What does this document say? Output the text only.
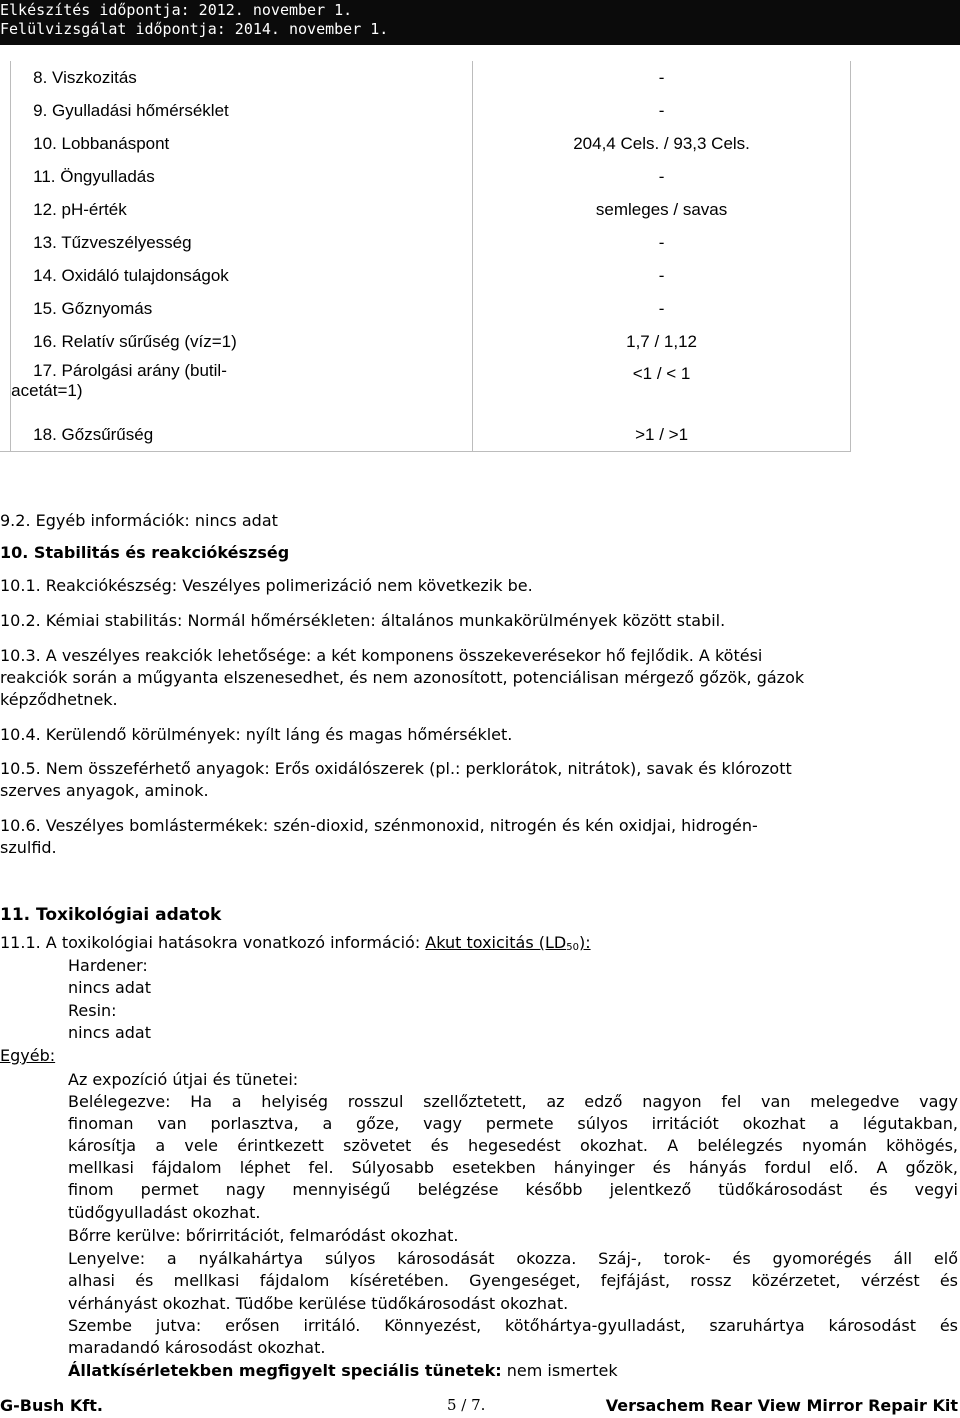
Elkészítés időpontja: 2012. november 1.
Felülvizsgálat időpontja: 2014. november 1.
	8. Viszkozitás	-
	9. Gyulladási hőmérséklet	-
	10. Lobbanáspont	204,4 Cels. / 93,3 Cels.
	11. Öngyulladás	-
	12. pH-érték	semleges / savas
	13. Tűzveszélyesség	-
	14. Oxidáló tulajdonságok	-
	15. Gőznyomás	-
	16. Relatív sűrűség (víz=1)	1,7 / 1,12

	17. Párolgási arány (butil-
acetát=1)	<1 / < 1
	18. Gőzsűrűség	>1 / >1

9.2. Egyéb információk: nincs adat

10. Stabilitás és reakciókészség

10.1. Reakciókészség: Veszélyes polimerizáció nem következik be.

10.2. Kémiai stabilitás: Normál hőmérsékleten: általános munkakörülmények között stabil.

10.3. A veszélyes reakciók lehetősége: a két komponens összekeverésekor hő fejlődik. A kötési

reakciók során a műgyanta elszenesedhet, és nem azonosított, potenciálisan mérgező gőzök, gázok

képződhetnek.

10.4. Kerülendő körülmények: nyílt láng és magas hőmérséklet.

10.5. Nem összeférhető anyagok: Erős oxidálószerek (pl.: perklorátok, nitrátok), savak és klórozott

szerves anyagok, aminok.

10.6. Veszélyes bomlástermékek: szén-dioxid, szénmonoxid, nitrogén és kén oxidjai, hidrogén-

szulfid.

11. Toxikológiai adatok

11.1. A toxikológiai hatásokra vonatkozó információ: Akut toxicitás $(LD_{50})$:

Hardener:

nincs adat

Resin:

nincs adat

Egyéb:

Az expozíció útjai és tünetei:

Belélegezve: Ha a helyiség rosszul szellőztetett, az edző nagyon fel van melegedve vagy

finoman van porlasztva, a gőze, vagy permete súlyos irritációt okozhat a légutakban,

károsítja a vele érintkezett szövetet és hegesedést okozhat. A belélegzés nyomán köhögés,

mellkasi fájdalom léphet fel. Súlyosabb esetekben hányinger és hányás fordul elő. A gőzök,

finom permet nagy mennyiségű belégzése később jelentkező tüdőkárosodást és vegyi

tüdőgyulladást okozhat.

Bőrre kerülve: bőrirritációt, felmaródást okozhat.

Lenyelve: a nyálkahártya súlyos károsodását okozza. Száj-, torok- és gyomorégés áll elő

alhasi és mellkasi fájdalom kíséretében. Gyengeséget, fejfájást, rossz közérzetet, vérzést és

vérhányást okozhat. Tüdőbe kerülése tüdőkárosodást okozhat.

Szembe jutva: erősen irritáló. Könnyezést, kötőhártya-gyulladást, szaruhártya károsodást és

maradandó károsodást okozhat.

Állatkísérletekben megfigyelt speciális tünetek: nem ismertek

G-Bush Kft.	5 / 7.	Versachem Rear View Mirror Repair Kit
